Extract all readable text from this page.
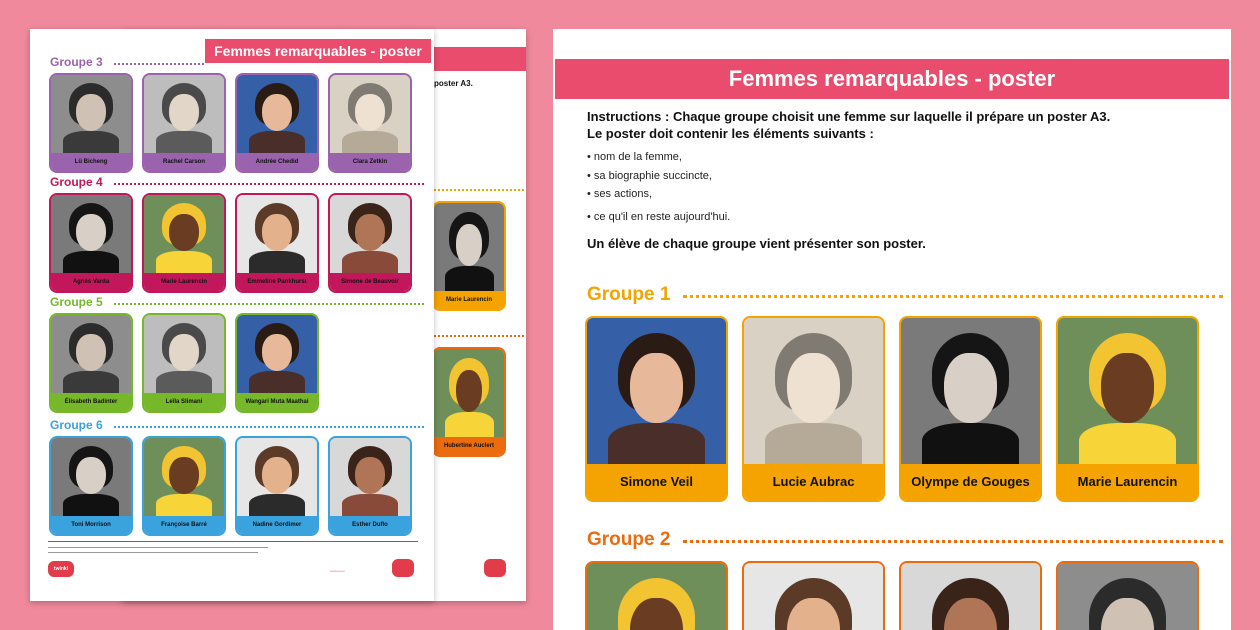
poster A3.
Marie Laurencin
Hubertine Auclert
Femmes remarquables - poster
Groupe 3
Lü Bicheng	Rachel Carson	Andrée Chedid	Clara Zetkin
Groupe 4
Agnès Varda	Marie Laurencin	Emmeline Pankhurst	Simone de Beauvoir
Groupe 5
Élisabeth Badinter	Leïla Slimani	Wangari Muta Maathai
Groupe 6
Toni Morrison	Françoise Barré	Nadine Gordimer	Esther Duflo
twinkl	••••••••••••••
Femmes remarquables - poster
Instructions : Chaque groupe choisit une femme sur laquelle il prépare un poster A3.
Le poster doit contenir les éléments suivants :
• nom de la femme,
• sa biographie succincte,
• ses actions,
• ce qu'il en reste aujourd'hui.
Un élève de chaque groupe vient présenter son poster.
Groupe 1
Simone Veil	Lucie Aubrac	Olympe de Gouges	Marie Laurencin
Groupe 2
